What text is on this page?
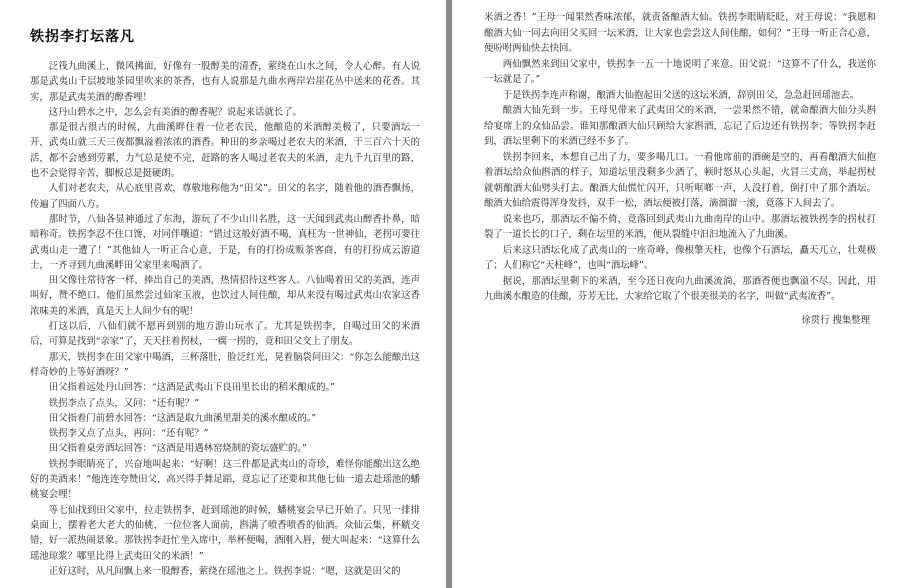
铁拐李打坛落凡

泛筏九曲溪上，微风拂面，好像有一股醇美的清香，萦绕在山水之间，令人心醉。有人说那是武夷山千层坡地茶园里吹来的茶香，也有人说那是九曲水两岸岩崖花丛中送来的花香。其实，那是武夷美酒的醇香哩！

这丹山碧水之中，怎么会有美酒的醇香呢？说起来话就长了。

那是很古很古的时候，九曲溪畔住着一位老农民，他酿造的米酒醇美极了，只要酒坛一开，武夷山就三天三夜都飘溢着浓浓的酒香。种田的乡亲喝过老农夫的米酒，干三百六十天的活，都不会感到劳累，力气总是使不完，赶路的客人喝过老农夫的米酒，走九千九百里的路，也不会觉得辛苦，脚板总是挺硬朗。

人们对老农夫，从心底里喜欢，尊敬地称他为“田父”。田父的名字，随着他的酒香飘扬，传遍了四面八方。

那时节，八仙各显神通过了东海，游玩了不少山川名胜，这一天闻到武夷山醇香扑鼻，暗暗称奇。铁拐李忍不住口馋，对同伴嚷道：“错过这般好酒不喝，真枉为一世神仙，老拐可要往武夷山走一遭了！”其他仙人一听正合心意，于是，有的打扮成贩茶客商，有的打扮成云游道士，一齐寻到九曲溪畔田父家里来喝酒了。

田父像往常待客一样，捧出自己的美酒，热情招待这些客人。八仙喝着田父的美酒，连声叫好，赞不绝口。他们虽然尝过仙家玉液，也饮过人间佳酿，却从来没有喝过武夷山农家这香浓味美的米酒，真是天上人间少有的呢！

打这以后，八仙们就不愿再到别的地方游山玩水了。尤其是铁拐李，自喝过田父的米酒后，可算是找到“亲家”了，天天拄着拐杖，一瘸一拐的，竟和田父交上了朋友。

那天，铁拐李在田父家中喝酒，三杯落肚，脸泛红光，晃着脑袋问田父：“你怎么能酿出这样奇妙的上等好酒呀？”

田父指着远处丹山回答：“这酒是武夷山下良田里长出的稻米酿成的。”

铁拐李点了点头，又问：“还有呢？”

田父指着门前碧水回答：“这酒是取九曲溪里甜美的溪水酿成的。”

铁拐李又点了点头，再问：“还有呢？”

田父指着桌旁酒坛回答：“这酒是用遇林窑烧制的瓷坛盛贮的。”

铁拐李眼睛亮了，兴奋地叫起来：“好啊！这三件都是武夷山的奇珍，难怪你能酿出这么绝好的美酒来！”他连连夸赞田父，高兴得手舞足蹈，竟忘记了还要和其他七仙一道去赴瑶池的蟠桃宴会哩！

等七仙找到田父家中，拉走铁拐李，赶到瑶池的时候，蟠桃宴会早已开始了。只见一排排桌面上，摆着老大老大的仙桃，一位位客人面前，斟满了喷香喷香的仙酒。众仙云集，杯觥交错，好一派热闹景象。那铁拐李赶忙坐入席中，举杯便喝，酒刚入唇，便大叫起来：“这算什么瑶池琼浆？哪里比得上武夷田父的米酒！”

正好这时，从凡间飘上来一股醇香，萦绕在瑶池之上。铁拐李说：“嗯，这就是田父的

米酒之香！”王母一闻果然香味浓郁，就责备酿酒大仙。铁拐李眼睛眨眨，对王母说：“我愿和酿酒大仙一同去向田父买回一坛米酒，让大家也尝尝这人间佳酿，如何？”王母一听正合心意，便吩咐两仙快去快回。

两仙飘然来到田父家中，铁拐李一五一十地说明了来意。田父说：“这算不了什么，我送你一坛就是了。”

于是铁拐李连声称谢，酿酒大仙抱起田父送的这坛米酒，辞别田父，急急赶回瑶池去。

酿酒大仙先到一步。王母见带来了武夷田父的米酒，一尝果然不错，就命酿酒大仙分头斟给宴席上的众仙品尝。谁知那酿酒大仙只顾给大家斟酒，忘记了后边还有铁拐李；等铁拐李赶到，酒坛里剩下的米酒已经不多了。

铁拐李回来，本想自己出了力，要多喝几口。一看他席前的酒碗是空的，再看酿酒大仙抱着酒坛给众仙斟酒的样子，知道坛里没剩多少酒了，顿时怒从心头起，火冒三丈高，举起拐杖就朝酿酒大仙劈头打去。酿酒大仙慌忙闪开，只听哐啷一声，人没打着，倒打中了那个酒坛。酿酒大仙给震得浑身发抖，双手一松，酒坛便被打落，滴溜溜一滚，竟落下人间去了。

说来也巧，那酒坛不偏不倚，竟落回到武夷山九曲南岸的山中。那酒坛被铁拐李的拐杖打裂了一道长长的口子，剩在坛里的米酒，便从裂缝中汩汩地流入了九曲溪。

后来这只酒坛化成了武夷山的一座奇峰，像根擎天柱，也像个石酒坛，矗天兀立，壮观极了；人们称它“天柱峰”，也叫“酒坛峰”。

据说，那酒坛里剩下的米酒，至今还日夜向九曲溪流淌，那酒香便也飘溢不尽。因此，用九曲溪水酿造的佳酿，芬芳无比，大家给它取了个很美很美的名字，叫做“武夷流香”。

徐贯行 搜集整理
